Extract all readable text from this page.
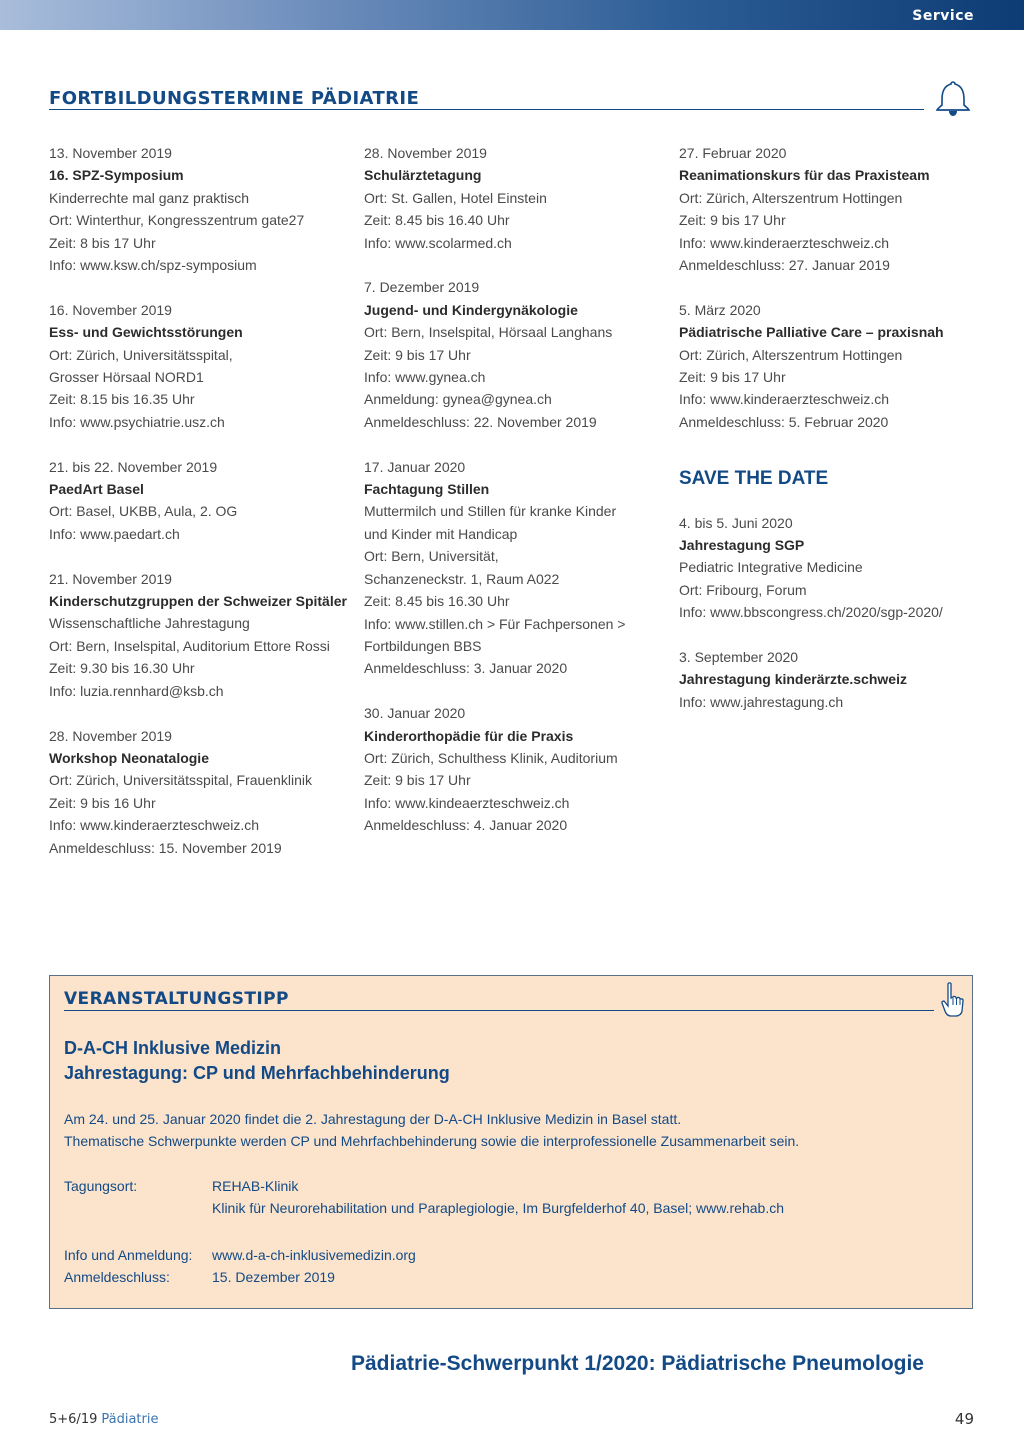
Service
FORTBILDUNGSTERMINE PÄDIATRIE
13. November 2019
16. SPZ-Symposium
Kinderrechte mal ganz praktisch
Ort: Winterthur, Kongresszentrum gate27
Zeit: 8 bis 17 Uhr
Info: www.ksw.ch/spz-symposium
16. November 2019
Ess- und Gewichtsstörungen
Ort: Zürich, Universitätsspital,
Grosser Hörsaal NORD1
Zeit: 8.15 bis 16.35 Uhr
Info: www.psychiatrie.usz.ch
21. bis 22. November 2019
PaedArt Basel
Ort: Basel, UKBB, Aula, 2. OG
Info: www.paedart.ch
21. November 2019
Kinderschutzgruppen der Schweizer Spitäler
Wissenschaftliche Jahrestagung
Ort: Bern, Inselspital, Auditorium Ettore Rossi
Zeit: 9.30 bis 16.30 Uhr
Info: luzia.rennhard@ksb.ch
28. November 2019
Workshop Neonatalogie
Ort: Zürich, Universitätsspital, Frauenklinik
Zeit: 9 bis 16 Uhr
Info: www.kinderaerzteschweiz.ch
Anmeldeschluss: 15. November 2019
28. November 2019
Schulärztetagung
Ort: St. Gallen, Hotel Einstein
Zeit: 8.45 bis 16.40 Uhr
Info: www.scolarmed.ch
7. Dezember 2019
Jugend- und Kindergynäkologie
Ort: Bern, Inselspital, Hörsaal Langhans
Zeit: 9 bis 17 Uhr
Info: www.gynea.ch
Anmeldung: gynea@gynea.ch
Anmeldeschluss: 22. November 2019
17. Januar 2020
Fachtagung Stillen
Muttermilch und Stillen für kranke Kinder
und Kinder mit Handicap
Ort: Bern, Universität,
Schanzeneckstr. 1, Raum A022
Zeit: 8.45 bis 16.30 Uhr
Info: www.stillen.ch > Für Fachpersonen >
Fortbildungen BBS
Anmeldeschluss: 3. Januar 2020
30. Januar 2020
Kinderorthopädie für die Praxis
Ort: Zürich, Schulthess Klinik, Auditorium
Zeit: 9 bis 17 Uhr
Info: www.kindeaerzteschweiz.ch
Anmeldeschluss: 4. Januar 2020
27. Februar 2020
Reanimationskurs für das Praxisteam
Ort: Zürich, Alterszentrum Hottingen
Zeit: 9 bis 17 Uhr
Info: www.kinderaerzteschweiz.ch
Anmeldeschluss: 27. Januar 2019
5. März 2020
Pädiatrische Palliative Care – praxisnah
Ort: Zürich, Alterszentrum Hottingen
Zeit: 9 bis 17 Uhr
Info: www.kinderaerzteschweiz.ch
Anmeldeschluss: 5. Februar 2020
SAVE THE DATE
4. bis 5. Juni 2020
Jahrestagung SGP
Pediatric Integrative Medicine
Ort: Fribourg, Forum
Info: www.bbscongress.ch/2020/sgp-2020/
3. September 2020
Jahrestagung kinderärzte.schweiz
Info: www.jahrestagung.ch
VERANSTALTUNGSTIPP
D-A-CH Inklusive Medizin
Jahrestagung: CP und Mehrfachbehinderung
Am 24. und 25. Januar 2020 findet die 2. Jahrestagung der D-A-CH Inklusive Medizin in Basel statt.
Thematische Schwerpunkte werden CP und Mehrfachbehinderung sowie die interprofessionelle Zusammenarbeit sein.
Tagungsort:	REHAB-Klinik
Klinik für Neurorehabilitation und Paraplegiologie, Im Burgfelderhof 40, Basel; www.rehab.ch
Info und Anmeldung:	www.d-a-ch-inklusivemedizin.org
Anmeldeschluss:	15. Dezember 2019
Pädiatrie-Schwerpunkt 1/2020: Pädiatrische Pneumologie
5+6/19 Pädiatrie	49
